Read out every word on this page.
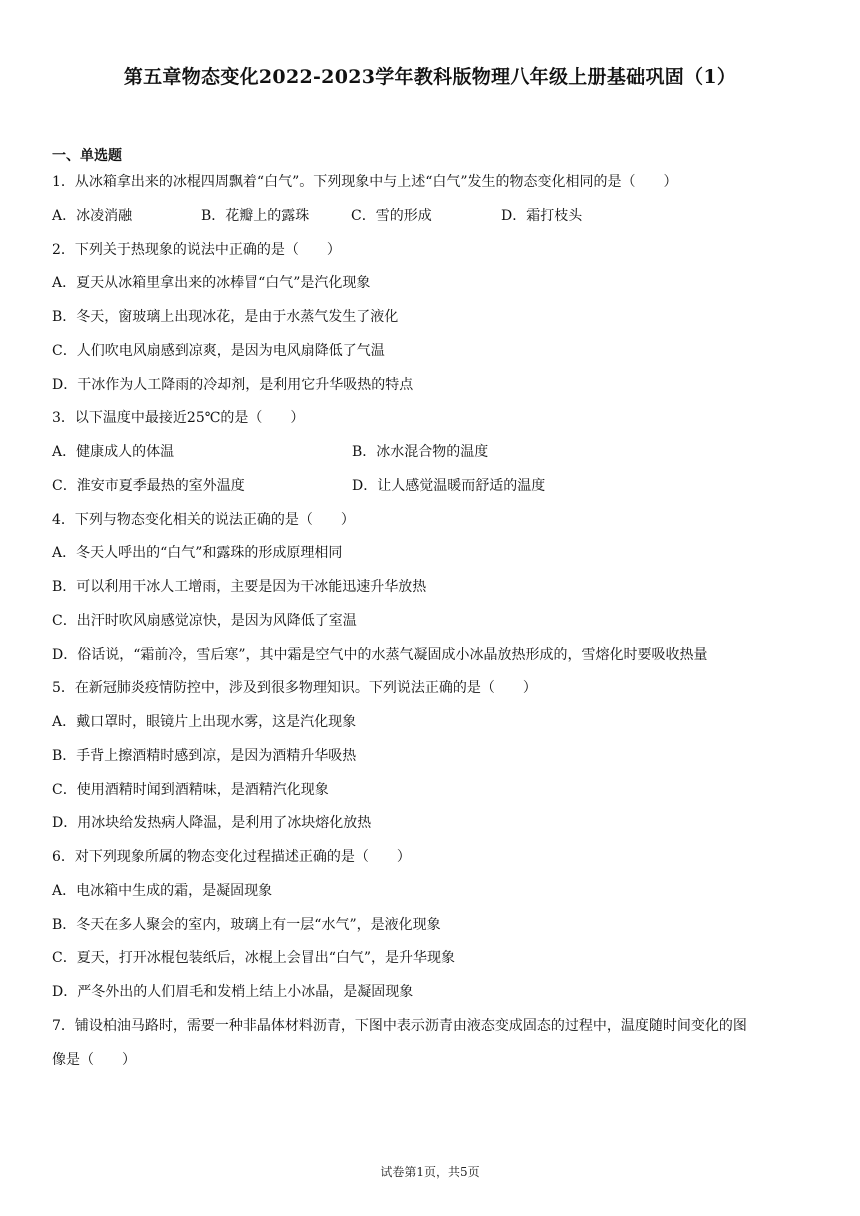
第五章物态变化2022-2023学年教科版物理八年级上册基础巩固（1）
一、单选题
1．从冰箱拿出来的冰棍四周飘着“白气”。下列现象中与上述“白气”发生的物态变化相同的是（　　）
A．冰凌消融	B．花瓣上的露珠	C．雪的形成	D．霜打枝头
2．下列关于热现象的说法中正确的是（　　）
A．夏天从冰箱里拿出来的冰棒冒“白气”是汽化现象
B．冬天，窗玻璃上出现冰花，是由于水蒸气发生了液化
C．人们吹电风扇感到凉爽，是因为电风扇降低了气温
D．干冰作为人工降雨的冷却剂，是利用它升华吸热的特点
3．以下温度中最接近25℃的是（　　）
A．健康成人的体温	B．冰水混合物的温度
C．淮安市夏季最热的室外温度	D．让人感觉温暖而舒适的温度
4．下列与物态变化相关的说法正确的是（　　）
A．冬天人呼出的“白气”和露珠的形成原理相同
B．可以利用干冰人工增雨，主要是因为干冰能迅速升华放热
C．出汗时吹风扇感觉凉快，是因为风降低了室温
D．俗话说，“霜前冷，雪后寒”，其中霜是空气中的水蒸气凝固成小冰晶放热形成的，雪熔化时要吸收热量
5．在新冠肺炎疫情防控中，涉及到很多物理知识。下列说法正确的是（　　）
A．戴口罩时，眼镜片上出现水雾，这是汽化现象
B．手背上擦酒精时感到凉，是因为酒精升华吸热
C．使用酒精时闻到酒精味，是酒精汽化现象
D．用冰块给发热病人降温，是利用了冰块熔化放热
6．对下列现象所属的物态变化过程描述正确的是（　　）
A．电冰箱中生成的霜，是凝固现象
B．冬天在多人聚会的室内，玻璃上有一层“水气”，是液化现象
C．夏天，打开冰棍包装纸后，冰棍上会冒出“白气”，是升华现象
D．严冬外出的人们眉毛和发梢上结上小冰晶，是凝固现象
7．铺设柏油马路时，需要一种非晶体材料沥青，下图中表示沥青由液态变成固态的过程中，温度随时间变化的图
像是（　　）
试卷第1页，共5页
